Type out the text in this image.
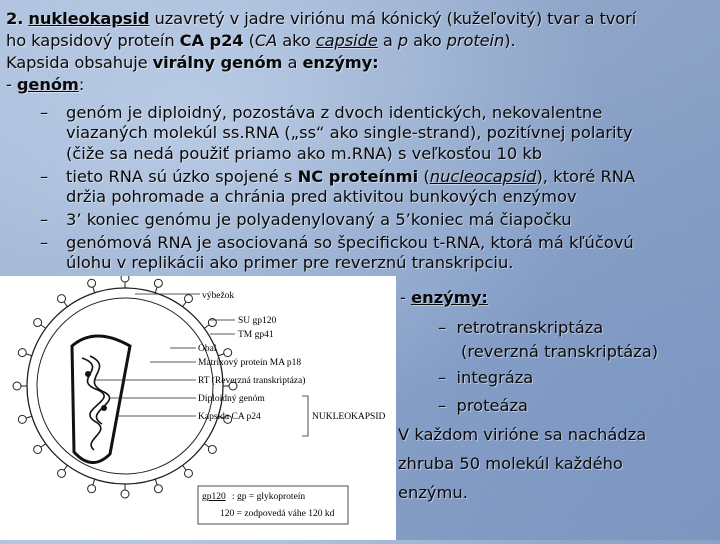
2. nukleokapsid uzavretý v jadre viriónu má kónický (kužeľovitý) tvar a tvorí
ho kapsidový proteín CA p24 (CA ako capside a p ako protein).
Kapsida obsahuje virálny genóm a enzýmy:
- genóm:
– genóm je diploidný, pozostáva z dvoch identických, nekovalentne
viazaných molekúl ss.RNA („ss“ ako single-strand), pozitívnej polarity
(čiže sa nedá použiť priamo ako m.RNA) s veľkosťou 10 kb
– tieto RNA sú úzko spojené s NC proteínmi (nucleocapsid), ktoré RNA
držia pohromade a chránia pred aktivitou bunkových enzýmov
– 3’ koniec genómu je polyadenylovaný a 5’koniec má čiapočku
– genómová RNA je asociovaná so špecifickou t-RNA, ktorá má kľúčovú
úlohu v replikácii ako primer pre reverznú transkripciu.
výbežok
SU gp120
TM gp41
Obal
Matrixový proteín MA p18
RT (Reverzná transkriptáza)
Diploidný genóm
Kapsida CA p24	NUKLEOKAPSID
gp120 : gp = glykoproteín
120 = zodpovedá váhe 120 kd
- enzýmy:
– retrotranskriptáza
(reverzná transkriptáza)
– integráza
– proteáza
V každom virióne sa nachádza
zhruba 50 molekúl každého
enzýmu.
